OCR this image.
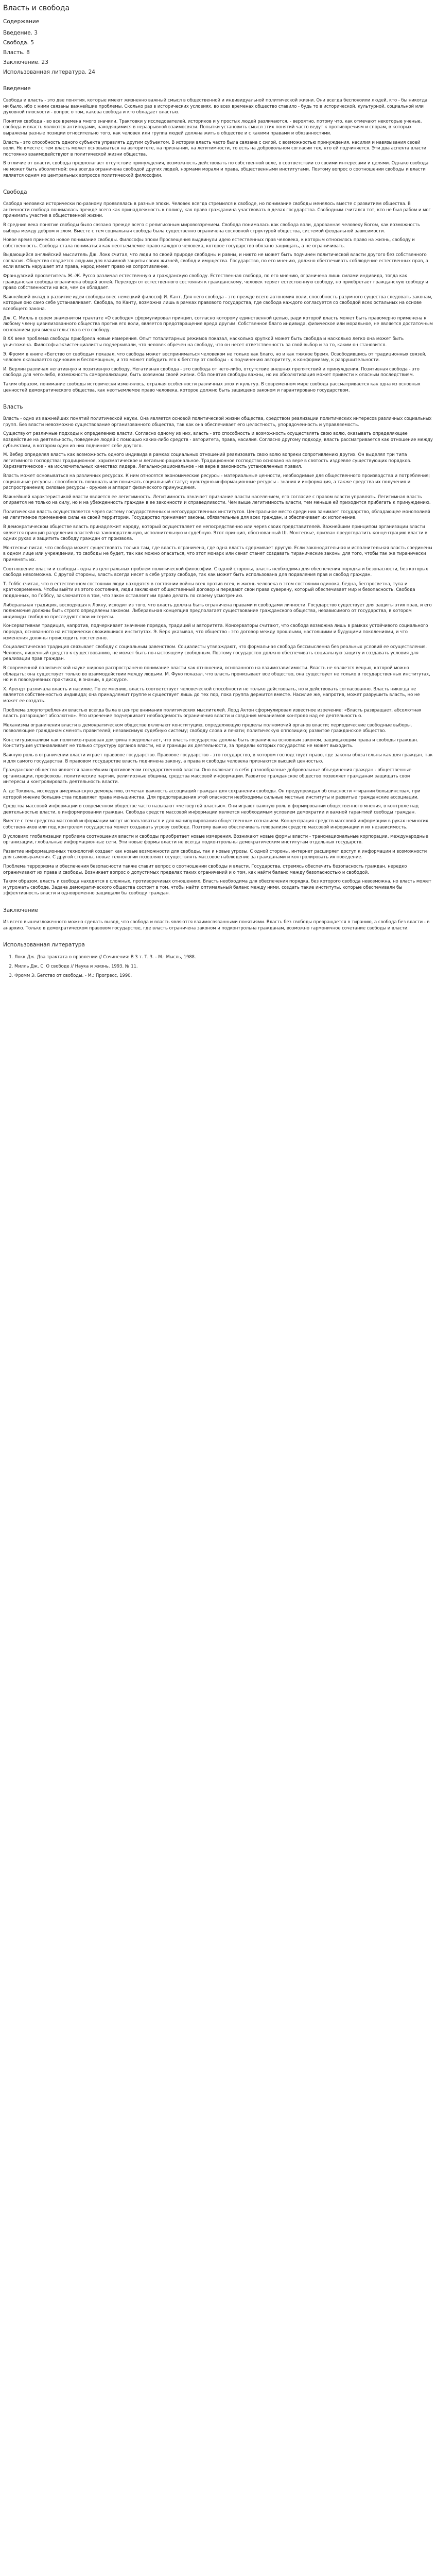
Власть и свобода
Содержание
Введение. 3
Свобода. 5
Власть. 8
Заключение. 23
Использованная литература. 24
Введение

Свобода и власть - это две понятия, которые имеют жизненно важный смысл в общественной и индивидуальной политической жизни. Они всегда беспокоили людей, кто - бы никогда ни было, ибо с ними связаны важнейшие проблемы. Сколько раз в исторических условиях, во всех временах общество ставило - будь то в исторической, культурной, социальной или духовной плоскости - вопрос о том, какова свобода и кто обладает властью.

Понятия свобода - во все времена много значили. Трактовки у исследователей, историков и у простых людей различаются, - вероятно, потому что, как отмечают некоторые ученые, свобода и власть являются антиподами, находящимися в неразрывной взаимосвязи. Попытки установить смысл этих понятий часто ведут к противоречиям и спорам, в которых выражены разные позиции относительно того, как человек или группа людей должна жить в обществе и с какими правами и обязанностями.

Власть - это способность одного субъекта управлять другим субъектом. В истории власть часто была связана с силой, с возможностью принуждения, насилия и навязывания своей воли. Но вместе с тем власть может основываться на авторитете, на признании, на легитимности, то есть на добровольном согласии тех, кто ей подчиняется. Эти два аспекта власти постоянно взаимодействуют в политической жизни общества.

В отличие от власти, свобода предполагает отсутствие принуждения, возможность действовать по собственной воле, в соответствии со своими интересами и целями. Однако свобода не может быть абсолютной: она всегда ограничена свободой других людей, нормами морали и права, общественными институтами. Поэтому вопрос о соотношении свободы и власти является одним из центральных вопросов политической философии.

Свобода

Свобода человека исторически по-разному проявлялась в разные эпохи. Человек всегда стремился к свободе, но понимание свободы менялось вместе с развитием общества. В античности свобода понималась прежде всего как принадлежность к полису, как право гражданина участвовать в делах государства. Свободным считался тот, кто не был рабом и мог принимать участие в общественной жизни.

В средние века понятие свободы было связано прежде всего с религиозным мировоззрением. Свобода понималась как свобода воли, дарованная человеку Богом, как возможность выбора между добром и злом. Вместе с тем социальная свобода была существенно ограничена сословной структурой общества, системой феодальной зависимости.

Новое время принесло новое понимание свободы. Философы эпохи Просвещения выдвинули идею естественных прав человека, к которым относилось право на жизнь, свободу и собственность. Свобода стала пониматься как неотъемлемое право каждого человека, которое государство обязано защищать, а не ограничивать.

Выдающийся английский мыслитель Дж. Локк считал, что люди по своей природе свободны и равны, и никто не может быть подчинен политической власти другого без собственного согласия. Общество создается людьми для взаимной защиты своих жизней, свобод и имущества. Государство, по его мнению, должно обеспечивать соблюдение естественных прав, а если власть нарушает эти права, народ имеет право на сопротивление.

Французский просветитель Ж.-Ж. Руссо различал естественную и гражданскую свободу. Естественная свобода, по его мнению, ограничена лишь силами индивида, тогда как гражданская свобода ограничена общей волей. Переходя от естественного состояния к гражданскому, человек теряет естественную свободу, но приобретает гражданскую свободу и право собственности на все, чем он обладает.

Важнейший вклад в развитие идеи свободы внес немецкий философ И. Кант. Для него свобода - это прежде всего автономия воли, способность разумного существа следовать законам, которые оно само себе устанавливает. Свобода, по Канту, возможна лишь в рамках правового государства, где свобода каждого согласуется со свободой всех остальных на основе всеобщего закона.

Дж. С. Милль в своем знаменитом трактате «О свободе» сформулировал принцип, согласно которому единственной целью, ради которой власть может быть правомерно применена к любому члену цивилизованного общества против его воли, является предотвращение вреда другим. Собственное благо индивида, физическое или моральное, не является достаточным основанием для вмешательства в его свободу.

В XX веке проблема свободы приобрела новые измерения. Опыт тоталитарных режимов показал, насколько хрупкой может быть свобода и насколько легко она может быть уничтожена. Философы-экзистенциалисты подчеркивали, что человек обречен на свободу, что он несет ответственность за свой выбор и за то, каким он становится.

Э. Фромм в книге «Бегство от свободы» показал, что свобода может восприниматься человеком не только как благо, но и как тяжкое бремя. Освободившись от традиционных связей, человек оказывается одиноким и беспомощным, и это может побудить его к бегству от свободы - к подчинению авторитету, к конформизму, к разрушительности.

И. Берлин различал негативную и позитивную свободу. Негативная свобода - это свобода от чего-либо, отсутствие внешних препятствий и принуждения. Позитивная свобода - это свобода для чего-либо, возможность самореализации, быть хозяином своей жизни. Оба понятия свободы важны, но их абсолютизация может привести к опасным последствиям.

Таким образом, понимание свободы исторически изменялось, отражая особенности различных эпох и культур. В современном мире свобода рассматривается как одна из основных ценностей демократического общества, как неотъемлемое право человека, которое должно быть защищено законом и гарантировано государством.

Власть

Власть - одно из важнейших понятий политической науки. Она является основой политической жизни общества, средством реализации политических интересов различных социальных групп. Без власти невозможно существование организованного общества, так как она обеспечивает его целостность, упорядоченность и управляемость.

Существуют различные подходы к определению власти. Согласно одному из них, власть - это способность и возможность осуществлять свою волю, оказывать определяющее воздействие на деятельность, поведение людей с помощью каких-либо средств - авторитета, права, насилия. Согласно другому подходу, власть рассматривается как отношение между субъектами, в котором один из них подчиняет себе другого.

М. Вебер определял власть как возможность одного индивида в рамках социальных отношений реализовать свою волю вопреки сопротивлению других. Он выделял три типа легитимного господства: традиционное, харизматическое и легально-рациональное. Традиционное господство основано на вере в святость издревле существующих порядков. Харизматическое - на исключительных качествах лидера. Легально-рациональное - на вере в законность установленных правил.

Власть может основываться на различных ресурсах. К ним относятся экономические ресурсы - материальные ценности, необходимые для общественного производства и потребления; социальные ресурсы - способность повышать или понижать социальный статус; культурно-информационные ресурсы - знания и информация, а также средства их получения и распространения; силовые ресурсы - оружие и аппарат физического принуждения.

Важнейшей характеристикой власти является ее легитимность. Легитимность означает признание власти населением, его согласие с правом власти управлять. Легитимная власть опирается не только на силу, но и на убежденность граждан в ее законности и справедливости. Чем выше легитимность власти, тем меньше ей приходится прибегать к принуждению.

Политическая власть осуществляется через систему государственных и негосударственных институтов. Центральное место среди них занимает государство, обладающее монополией на легитимное применение силы на своей территории. Государство принимает законы, обязательные для всех граждан, и обеспечивает их исполнение.

В демократическом обществе власть принадлежит народу, который осуществляет ее непосредственно или через своих представителей. Важнейшим принципом организации власти является принцип разделения властей на законодательную, исполнительную и судебную. Этот принцип, обоснованный Ш. Монтескье, призван предотвратить концентрацию власти в одних руках и защитить свободу граждан от произвола.

Монтескье писал, что свобода может существовать только там, где власть ограничена, где одна власть сдерживает другую. Если законодательная и исполнительная власть соединены в одном лице или учреждении, то свободы не будет, так как можно опасаться, что этот монарх или сенат станет создавать тиранические законы для того, чтобы так же тиранически применять их.

Соотношение власти и свободы - одна из центральных проблем политической философии. С одной стороны, власть необходима для обеспечения порядка и безопасности, без которых свобода невозможна. С другой стороны, власть всегда несет в себе угрозу свободе, так как может быть использована для подавления прав и свобод граждан.

Т. Гоббс считал, что в естественном состоянии люди находятся в состоянии войны всех против всех, и жизнь человека в этом состоянии одинока, бедна, беспросветна, тупа и кратковременна. Чтобы выйти из этого состояния, люди заключают общественный договор и передают свои права суверену, который обеспечивает мир и безопасность. Свобода подданных, по Гоббсу, заключается в том, что закон оставляет им право делать по своему усмотрению.

Либеральная традиция, восходящая к Локку, исходит из того, что власть должна быть ограничена правами и свободами личности. Государство существует для защиты этих прав, и его полномочия должны быть строго определены законом. Либеральная концепция предполагает существование гражданского общества, независимого от государства, в котором индивиды свободно преследуют свои интересы.

Консервативная традиция, напротив, подчеркивает значение порядка, традиций и авторитета. Консерваторы считают, что свобода возможна лишь в рамках устойчивого социального порядка, основанного на исторически сложившихся институтах. Э. Берк указывал, что общество - это договор между прошлыми, настоящими и будущими поколениями, и что изменения должны происходить постепенно.

Социалистическая традиция связывает свободу с социальным равенством. Социалисты утверждают, что формальная свобода бессмысленна без реальных условий ее осуществления. Человек, лишенный средств к существованию, не может быть по-настоящему свободным. Поэтому государство должно обеспечивать социальную защиту и создавать условия для реализации прав граждан.

В современной политической науке широко распространено понимание власти как отношения, основанного на взаимозависимости. Власть не является вещью, которой можно обладать; она существует только во взаимодействии между людьми. М. Фуко показал, что власть пронизывает все общество, она существует не только в государственных институтах, но и в повседневных практиках, в знании, в дискурсе.

Х. Арендт различала власть и насилие. По ее мнению, власть соответствует человеческой способности не только действовать, но и действовать согласованно. Власть никогда не является собственностью индивида; она принадлежит группе и существует лишь до тех пор, пока группа держится вместе. Насилие же, напротив, может разрушить власть, но не может ее создать.

Проблема злоупотребления властью всегда была в центре внимания политических мыслителей. Лорд Актон сформулировал известное изречение: «Власть развращает, абсолютная власть развращает абсолютно». Это изречение подчеркивает необходимость ограничения власти и создания механизмов контроля над ее деятельностью.

Механизмы ограничения власти в демократическом обществе включают конституцию, определяющую пределы полномочий органов власти; периодические свободные выборы, позволяющие гражданам сменять правителей; независимую судебную систему; свободу слова и печати; политическую оппозицию; развитое гражданское общество.

Конституционализм как политико-правовая доктрина предполагает, что власть государства должна быть ограничена основным законом, защищающим права и свободы граждан. Конституция устанавливает не только структуру органов власти, но и границы их деятельности, за пределы которых государство не может выходить.

Важную роль в ограничении власти играет правовое государство. Правовое государство - это государство, в котором господствует право, где законы обязательны как для граждан, так и для самого государства. В правовом государстве власть подчинена закону, а права и свободы человека признаются высшей ценностью.

Гражданское общество является важнейшим противовесом государственной власти. Оно включает в себя разнообразные добровольные объединения граждан - общественные организации, профсоюзы, политические партии, религиозные общины, средства массовой информации. Развитое гражданское общество позволяет гражданам защищать свои интересы и контролировать деятельность власти.

А. де Токвиль, исследуя американскую демократию, отмечал важность ассоциаций граждан для сохранения свободы. Он предупреждал об опасности «тирании большинства», при которой мнение большинства подавляет права меньшинства. Для предотвращения этой опасности необходимы сильные местные институты и развитые гражданские ассоциации.

Средства массовой информации в современном обществе часто называют «четвертой властью». Они играют важную роль в формировании общественного мнения, в контроле над деятельностью власти, в информировании граждан. Свобода средств массовой информации является необходимым условием демократии и важной гарантией свободы граждан.

Вместе с тем средства массовой информации могут использоваться и для манипулирования общественным сознанием. Концентрация средств массовой информации в руках немногих собственников или под контролем государства может создавать угрозу свободе. Поэтому важно обеспечивать плюрализм средств массовой информации и их независимость.

В условиях глобализации проблема соотношения власти и свободы приобретает новые измерения. Возникают новые формы власти - транснациональные корпорации, международные организации, глобальные информационные сети. Эти новые формы власти не всегда подконтрольны демократическим институтам отдельных государств.

Развитие информационных технологий создает как новые возможности для свободы, так и новые угрозы. С одной стороны, интернет расширяет доступ к информации и возможности для самовыражения. С другой стороны, новые технологии позволяют осуществлять массовое наблюдение за гражданами и контролировать их поведение.

Проблема терроризма и обеспечения безопасности также ставит вопрос о соотношении свободы и власти. Государства, стремясь обеспечить безопасность граждан, нередко ограничивают их права и свободы. Возникает вопрос о допустимых пределах таких ограничений и о том, как найти баланс между безопасностью и свободой.

Таким образом, власть и свобода находятся в сложных, противоречивых отношениях. Власть необходима для обеспечения порядка, без которого свобода невозможна, но власть может и угрожать свободе. Задача демократического общества состоит в том, чтобы найти оптимальный баланс между ними, создать такие институты, которые обеспечивали бы эффективность власти и одновременно защищали бы свободу граждан.

Заключение

Из всего вышеизложенного можно сделать вывод, что свобода и власть являются взаимосвязанными понятиями. Власть без свободы превращается в тиранию, а свобода без власти - в анархию. Только в демократическом правовом государстве, где власть ограничена законом и подконтрольна гражданам, возможно гармоничное сочетание свободы и власти.

Использованная литература
1. Локк Дж. Два трактата о правлении // Сочинения: В 3 т. Т. 3. - М.: Мысль, 1988.
2. Милль Дж. С. О свободе // Наука и жизнь. 1993. № 11.
3. Фромм Э. Бегство от свободы. - М.: Прогресс, 1990.
